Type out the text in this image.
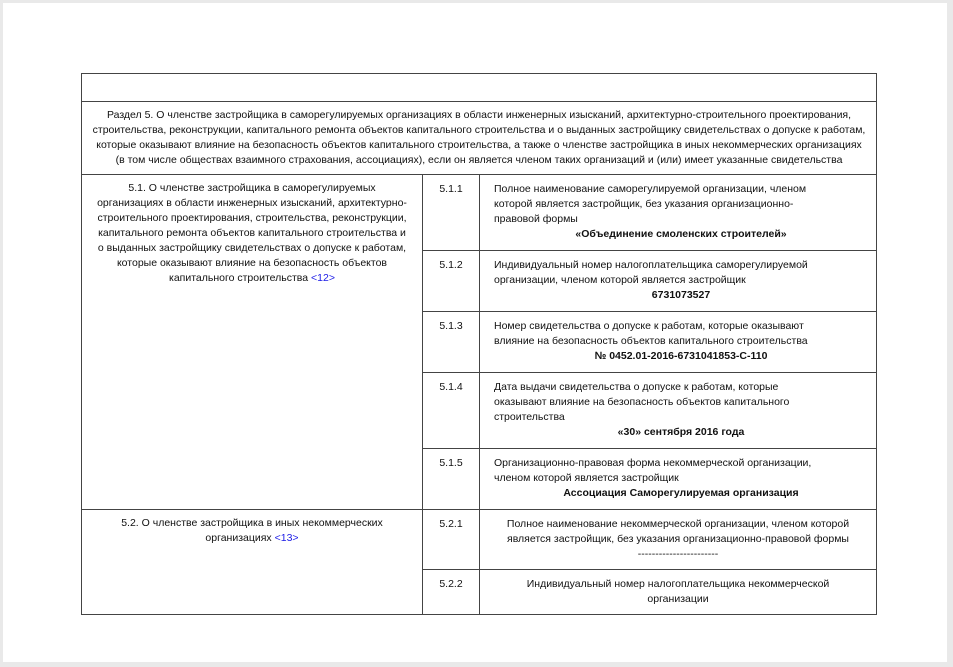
Раздел 5. О членстве застройщика в саморегулируемых организациях в области инженерных изысканий, архитектурно-строительного проектирования, строительства, реконструкции, капитального ремонта объектов капитального строительства и о выданных застройщику свидетельствах о допуске к работам, которые оказывают влияние на безопасность объектов капитального строительства, а также о членстве застройщика в иных некоммерческих организациях (в том числе обществах взаимного страхования, ассоциациях), если он является членом таких организаций и (или) имеет указанные свидетельства		
5.1. О членстве застройщика в саморегулируемых организациях в области инженерных изысканий, архитектурно-строительного проектирования, строительства, реконструкции, капитального ремонта объектов капитального строительства и о выданных застройщику свидетельствах о допуске к работам, которые оказывают влияние на безопасность объектов капитального строительства <12>	5.1.1	Полное наименование саморегулируемой организации, членом которой является застройщик, без указания организационно-правовой формы
«Объединение смоленских строителей»

	5.1.2	Индивидуальный номер налогоплательщика саморегулируемой организации, членом которой является застройщик
6731073527

	5.1.3	Номер свидетельства о допуске к работам, которые оказывают влияние на безопасность объектов капитального строительства
№ 0452.01-2016-6731041853-С-110

	5.1.4	Дата выдачи свидетельства о допуске к работам, которые оказывают влияние на безопасность объектов капитального строительства
«30» сентября 2016 года

	5.1.5	Организационно-правовая форма некоммерческой организации, членом которой является застройщик
Ассоциация Саморегулируемая организация

5.2. О членстве застройщика в иных некоммерческих организациях <13>	5.2.1	Полное наименование некоммерческой организации, членом которой является застройщик, без указания организационно-правовой формы
-----------------------

	5.2.2	Индивидуальный номер налогоплательщика некоммерческой организации
